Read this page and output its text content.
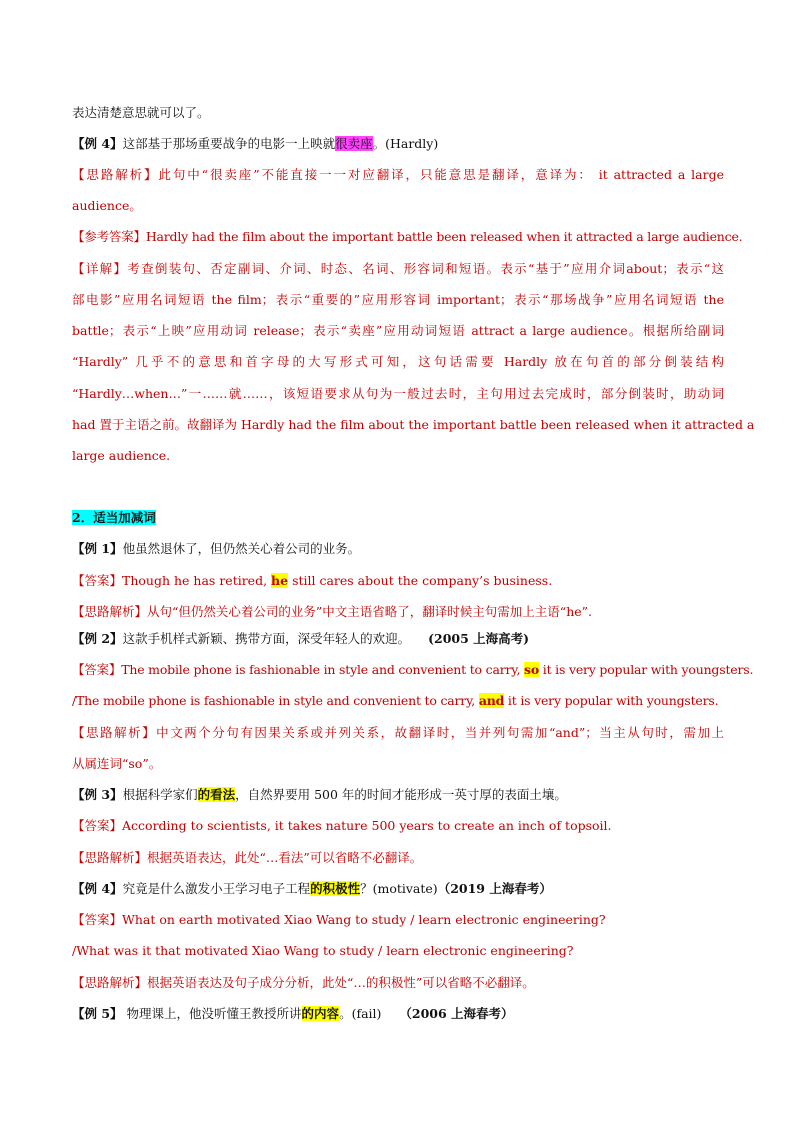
表达清楚意思就可以了。
【例 4】这部基于那场重要战争的电影一上映就很卖座。(Hardly)
【思路解析】此句中“很卖座”不能直接一一对应翻译，只能意思是翻译，意译为： it attracted a large
audience。
【参考答案】Hardly had the film about the important battle been released when it attracted a large audience.
【详解】考查倒装句、否定副词、介词、时态、名词、形容词和短语。表示“基于”应用介词about；表示“这
部电影”应用名词短语 the film；表示“重要的”应用形容词 important；表示“那场战争”应用名词短语 the
battle；表示“上映”应用动词 release；表示“卖座”应用动词短语 attract a large audience。根据所给副词
“Hardly” 几乎不的意思和首字母的大写形式可知，这句话需要 Hardly 放在句首的部分倒装结构
“Hardly…when…”一……就……，该短语要求从句为一般过去时，主句用过去完成时，部分倒装时，助动词
had 置于主语之前。故翻译为 Hardly had the film about the important battle been released when it attracted a
large audience.
2．适当加减词
【例 1】他虽然退休了，但仍然关心着公司的业务。
【答案】Though he has retired, he still cares about the company’s business.
【思路解析】从句“但仍然关心着公司的业务”中文主语省略了，翻译时候主句需加上主语“he”.
【例 2】这款手机样式新颖、携带方面，深受年轻人的欢迎。 (2005 上海高考)
【答案】The mobile phone is fashionable in style and convenient to carry, so it is very popular with youngsters.
/The mobile phone is fashionable in style and convenient to carry, and it is very popular with youngsters.
【思路解析】中文两个分句有因果关系或并列关系，故翻译时，当并列句需加“and”；当主从句时，需加上
从属连词“so”。
【例 3】根据科学家们的看法，自然界要用 500 年的时间才能形成一英寸厚的表面土壤。
【答案】According to scientists, it takes nature 500 years to create an inch of topsoil.
【思路解析】根据英语表达，此处“…看法”可以省略不必翻译。
【例 4】究竟是什么激发小王学习电子工程的积极性？(motivate)（2019 上海春考）
【答案】What on earth motivated Xiao Wang to study / learn electronic engineering?
/What was it that motivated Xiao Wang to study / learn electronic engineering?
【思路解析】根据英语表达及句子成分分析，此处“…的积极性”可以省略不必翻译。
【例 5】 物理课上，他没听懂王教授所讲的内容。(fail) （2006 上海春考）
